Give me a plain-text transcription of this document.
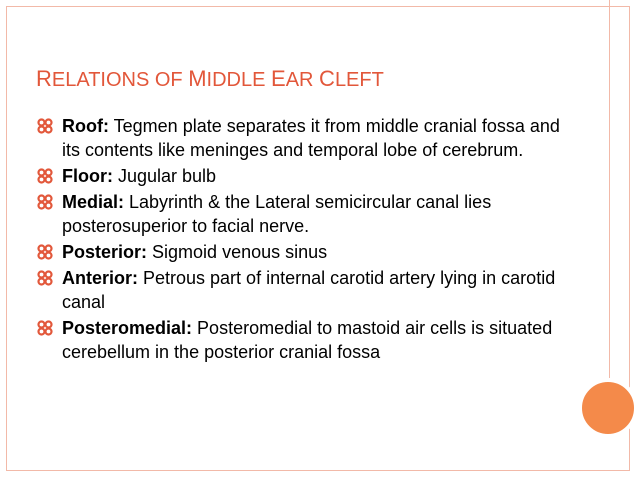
RELATIONS OF MIDDLE EAR CLEFT
Roof: Tegmen plate separates it from middle cranial fossa and its contents like meninges and temporal lobe of cerebrum.
Floor: Jugular bulb
Medial: Labyrinth & the Lateral semicircular canal lies posterosuperior to facial nerve.
Posterior: Sigmoid venous sinus
Anterior: Petrous part of internal carotid artery lying in carotid canal
Posteromedial: Posteromedial to mastoid air cells is situated cerebellum in the posterior cranial fossa
